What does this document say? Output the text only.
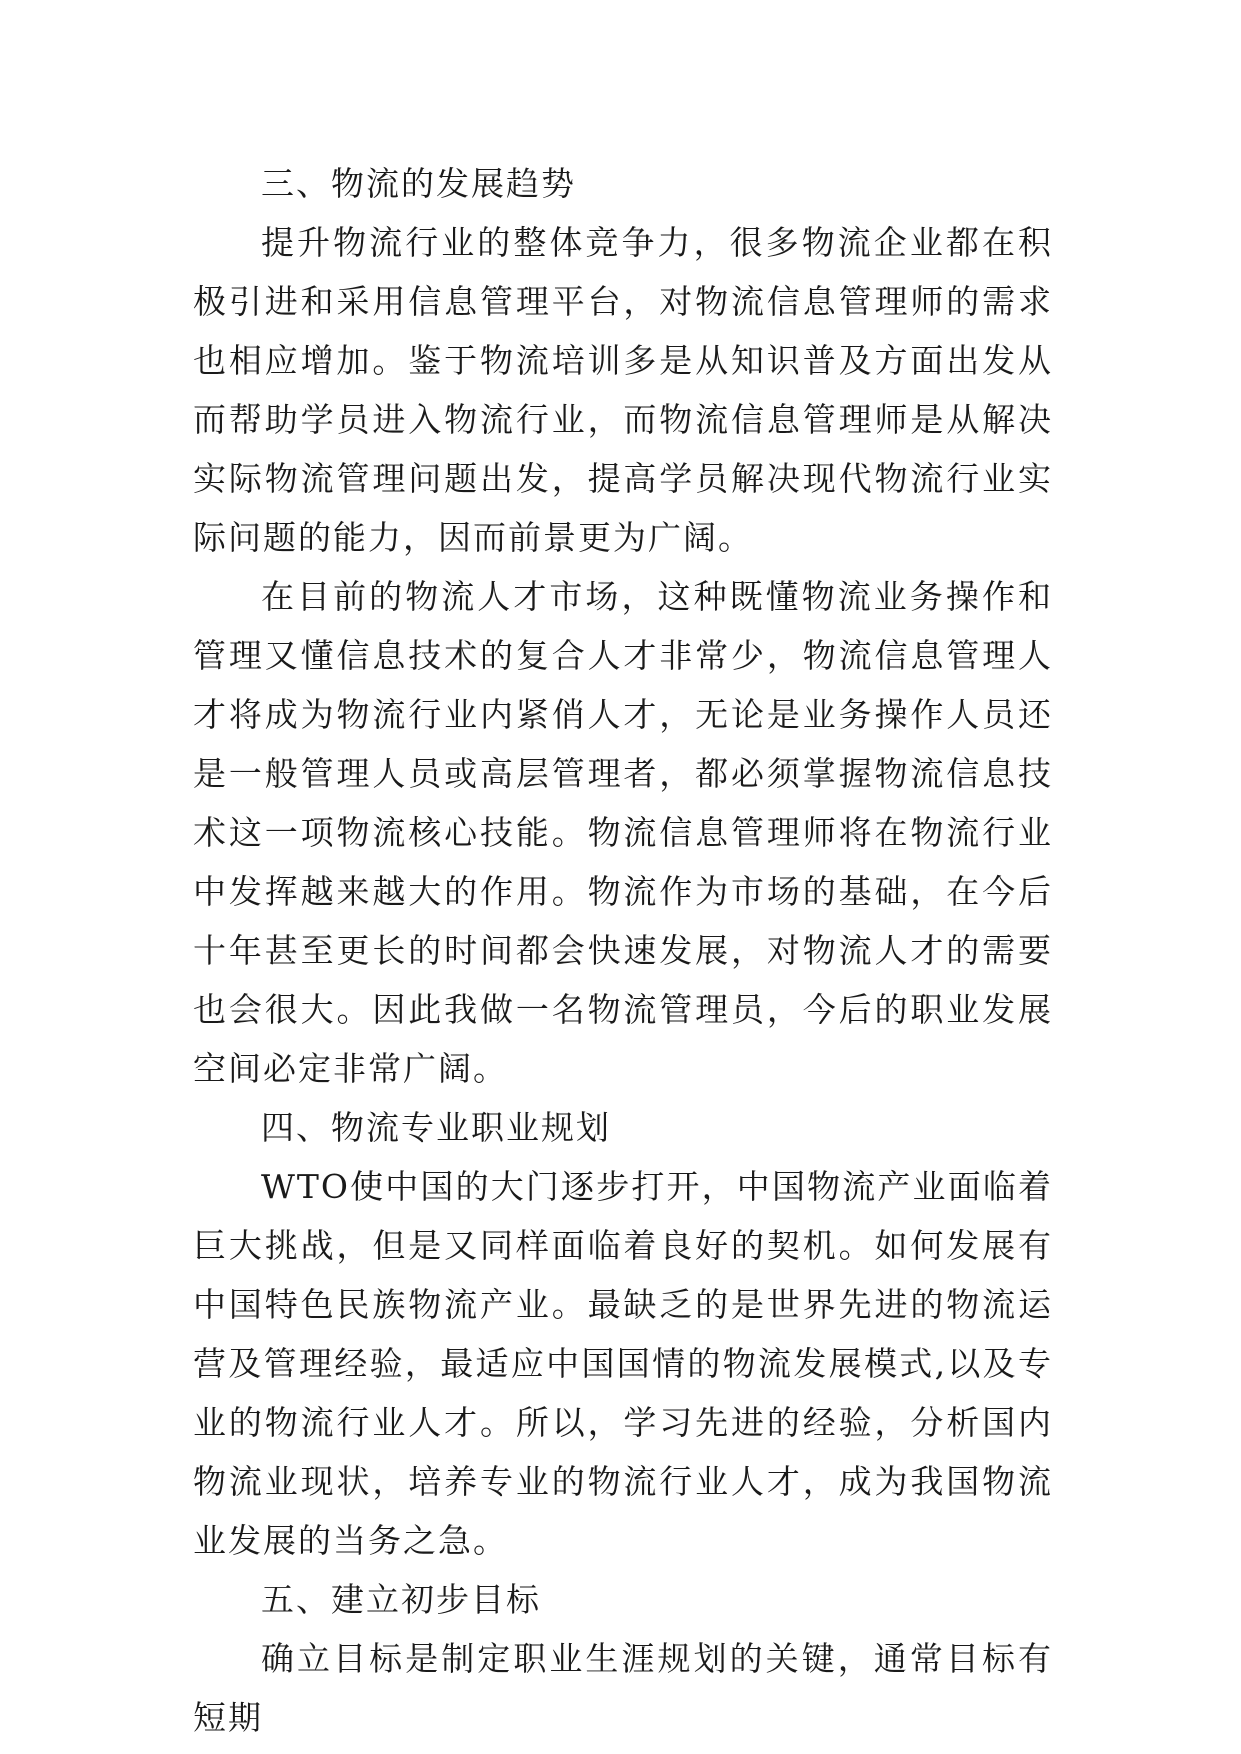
三、物流的发展趋势

提升物流行业的整体竞争力，很多物流企业都在积极引进和采用信息管理平台，对物流信息管理师的需求也相应增加。鉴于物流培训多是从知识普及方面出发从而帮助学员进入物流行业，而物流信息管理师是从解决实际物流管理问题出发，提高学员解决现代物流行业实际问题的能力，因而前景更为广阔。

在目前的物流人才市场，这种既懂物流业务操作和管理又懂信息技术的复合人才非常少，物流信息管理人才将成为物流行业内紧俏人才，无论是业务操作人员还是一般管理人员或高层管理者，都必须掌握物流信息技术这一项物流核心技能。物流信息管理师将在物流行业中发挥越来越大的作用。物流作为市场的基础，在今后十年甚至更长的时间都会快速发展，对物流人才的需要也会很大。因此我做一名物流管理员，今后的职业发展空间必定非常广阔。

四、物流专业职业规划

WTO使中国的大门逐步打开，中国物流产业面临着巨大挑战，但是又同样面临着良好的契机。如何发展有中国特色民族物流产业。最缺乏的是世界先进的物流运营及管理经验，最适应中国国情的物流发展模式,以及专业的物流行业人才。所以，学习先进的经验，分析国内物流业现状，培养专业的物流行业人才，成为我国物流业发展的当务之急。

五、建立初步目标

确立目标是制定职业生涯规划的关键，通常目标有短期
